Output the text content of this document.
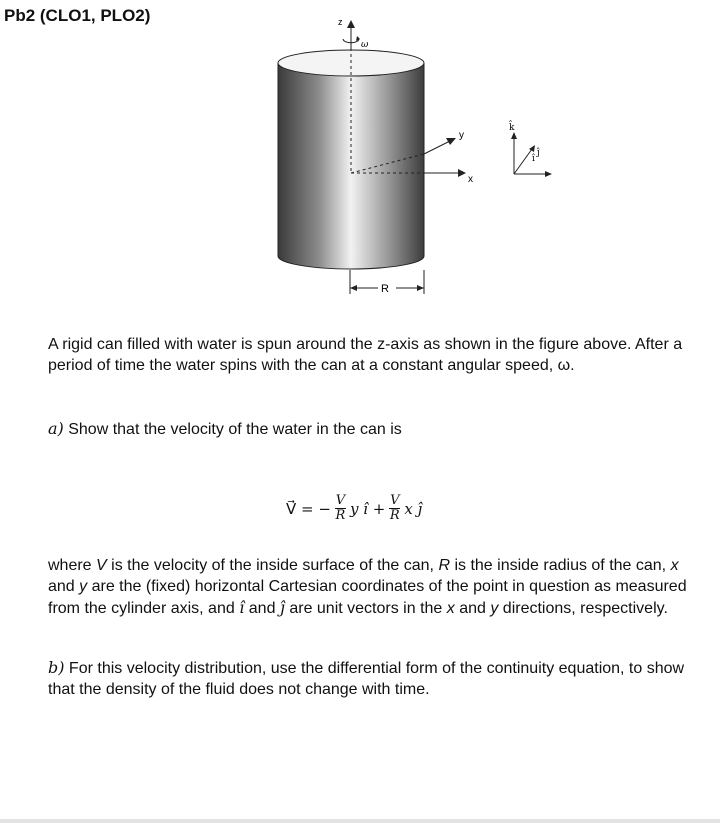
Pb2 (CLO1, PLO2)
y
x
z
ω
R
k̂
î
ĵ
A rigid can filled with water is spun around the z-axis as shown in the figure above. After a period of time the water spins with the can at a constant angular speed, ω.
a) Show that the velocity of the water in the can is
V⃗ = − $\frac{V}{R}$ y î + $\frac{V}{R}$ x ĵ
where V is the velocity of the inside surface of the can, R is the inside radius of the can, x and y are the (fixed) horizontal Cartesian coordinates of the point in question as measured from the cylinder axis, and î and ĵ are unit vectors in the x and y directions, respectively.
b) For this velocity distribution, use the differential form of the continuity equation, to show that the density of the fluid does not change with time.
